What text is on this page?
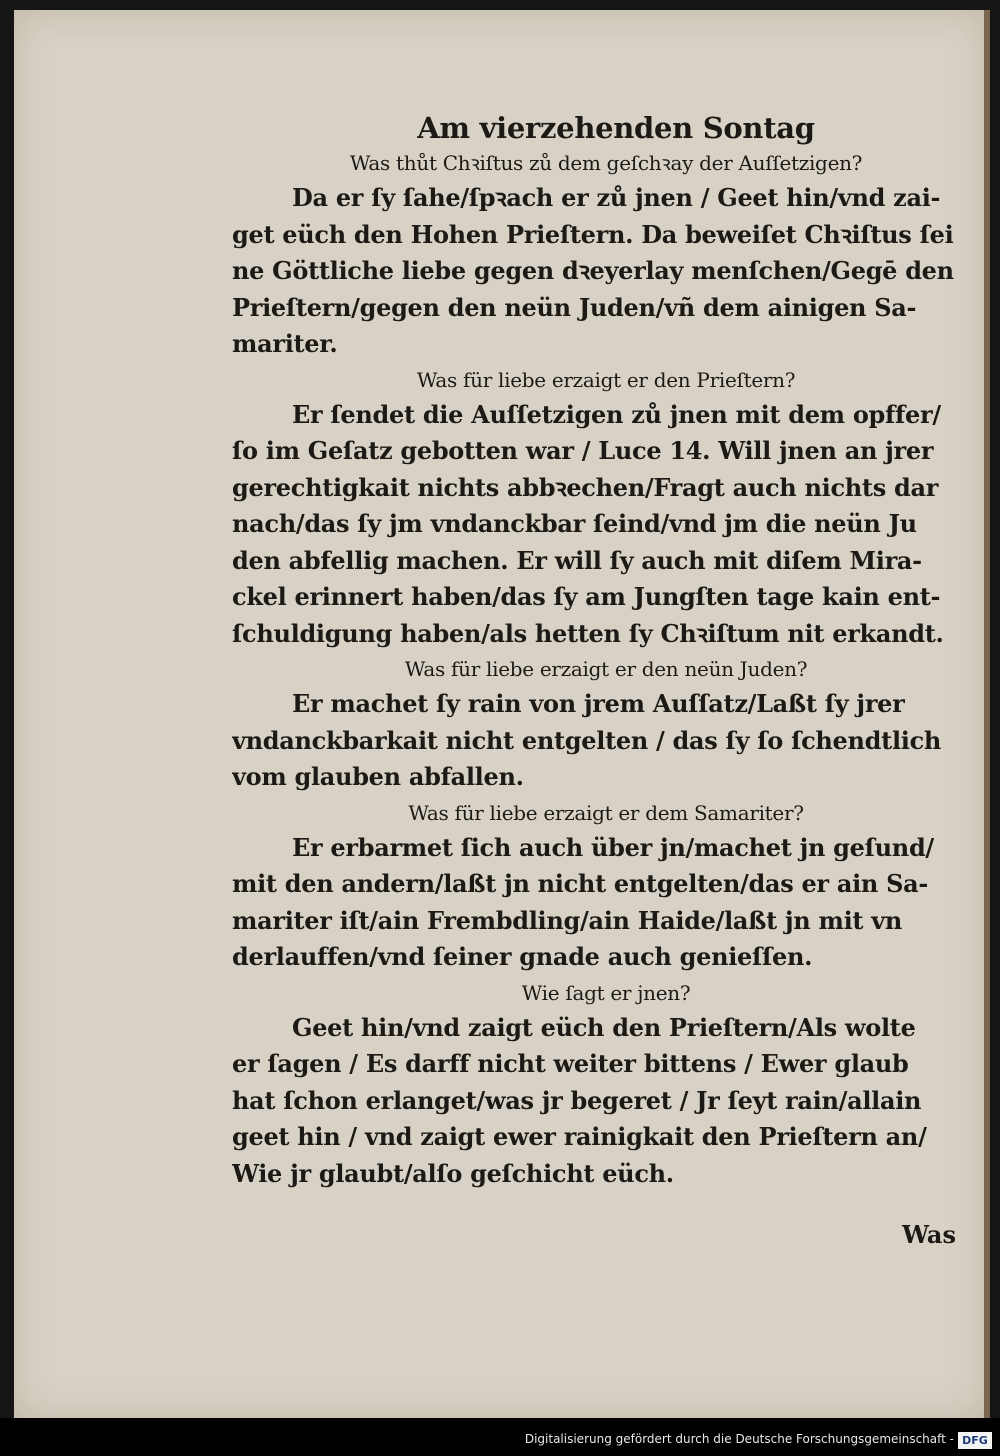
Am vierzehenden Sontag
Was thůt Chꝛiſtus zů dem geſchꝛay der Auſſetzigen?
Da er ſy ſahe/ſpꝛach er zů jnen / Geet hin/vnd zai-
get eüch den Hohen Prieſtern. Da beweiſet Chꝛiſtus ſei
ne Göttliche liebe gegen dꝛeyerlay menſchen/Gegē den
Prieſtern/gegen den neün Juden/vñ dem ainigen Sa-
mariter.
Was für liebe erzaigt er den Prieſtern?
Er ſendet die Auſſetzigen zů jnen mit dem opffer/
ſo im Geſatz gebotten war / Luce 14. Will jnen an jrer
gerechtigkait nichts abbꝛechen/Fragt auch nichts dar
nach/das ſy jm vndanckbar ſeind/vnd jm die neün Ju
den abfellig machen. Er will ſy auch mit diſem Mira-
ckel erinnert haben/das ſy am Jungſten tage kain ent-
ſchuldigung haben/als hetten ſy Chꝛiſtum nit erkandt.
Was für liebe erzaigt er den neün Juden?
Er machet ſy rain von jrem Auſſatz/Laßt ſy jrer
vndanckbarkait nicht entgelten / das ſy ſo ſchendtlich
vom glauben abfallen.
Was für liebe erzaigt er dem Samariter?
Er erbarmet ſich auch über jn/machet jn geſund/
mit den andern/laßt jn nicht entgelten/das er ain Sa-
mariter iſt/ain Frembdling/ain Haide/laßt jn mit vn
derlauffen/vnd ſeiner gnade auch genieſſen.
Wie ſagt er jnen?
Geet hin/vnd zaigt eüch den Prieſtern/Als wolte
er ſagen / Es darff nicht weiter bittens / Ewer glaub
hat ſchon erlanget/was jr begeret / Jr ſeyt rain/allain
geet hin / vnd zaigt ewer rainigkait den Prieſtern an/
Wie jr glaubt/alſo geſchicht eüch.
Was
Digitalisierung gefördert durch die Deutsche Forschungsgemeinschaft - DFG
